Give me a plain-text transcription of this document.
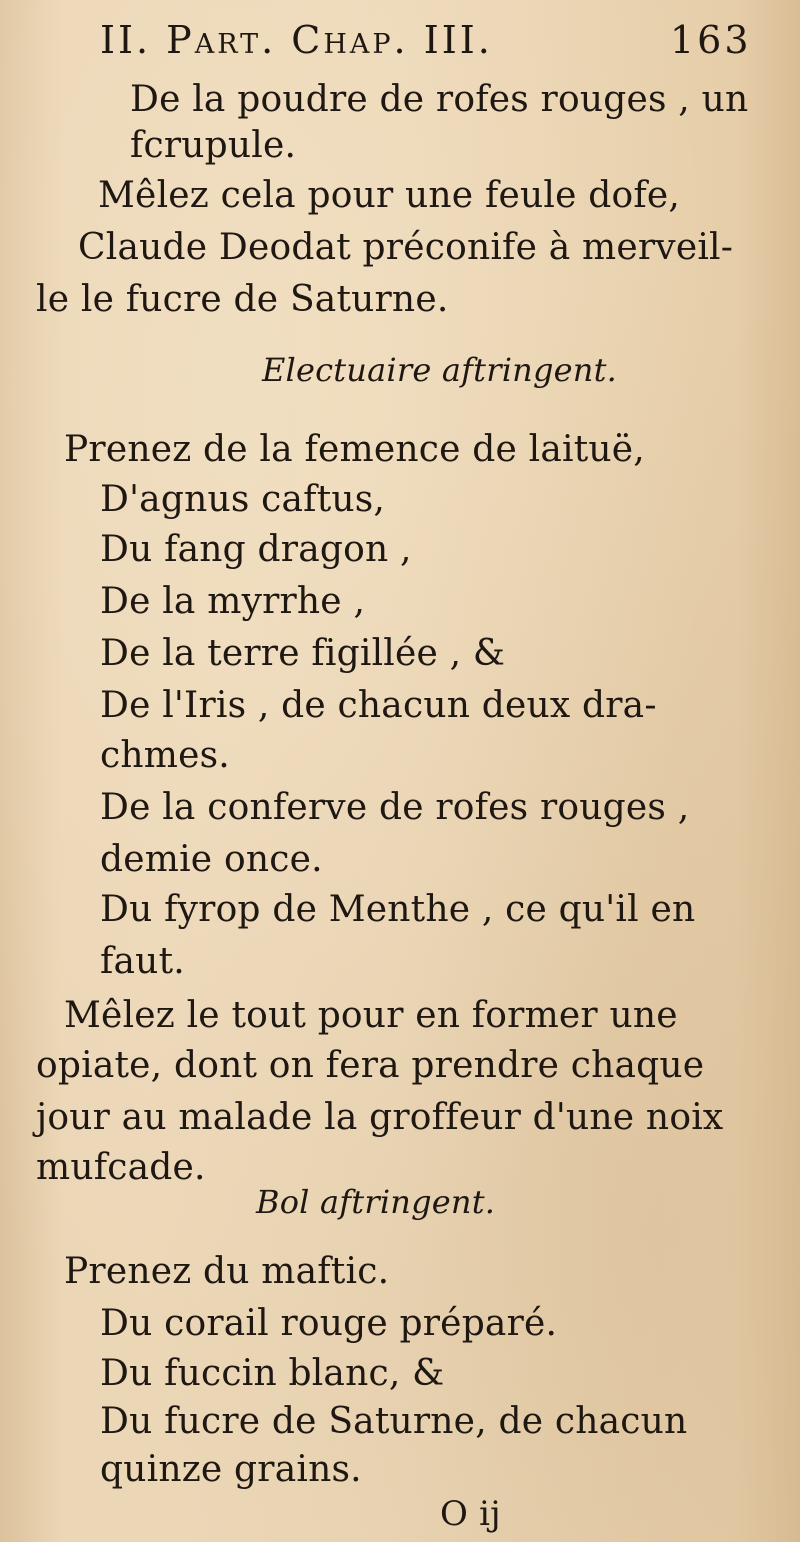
II. Part. Chap. III.	163
De la poudre de rofes rouges , un
fcrupule.
Mêlez cela pour une feule dofe,
Claude Deodat préconife à merveil-
le le fucre de Saturne.
Electuaire aftringent.
Prenez de la femence de laituë,
D'agnus caftus,
Du fang dragon ,
De la myrrhe ,
De la terre figillée , &
De l'Iris , de chacun deux dra-
chmes.
De la conferve de rofes rouges ,
demie once.
Du fyrop de Menthe , ce qu'il en
faut.
Mêlez le tout pour en former une
opiate, dont on fera prendre chaque
jour au malade la groffeur d'une noix
mufcade.
Bol aftringent.
Prenez du maftic.
Du corail rouge préparé.
Du fuccin blanc, &
Du fucre de Saturne, de chacun
quinze grains.
O ij
